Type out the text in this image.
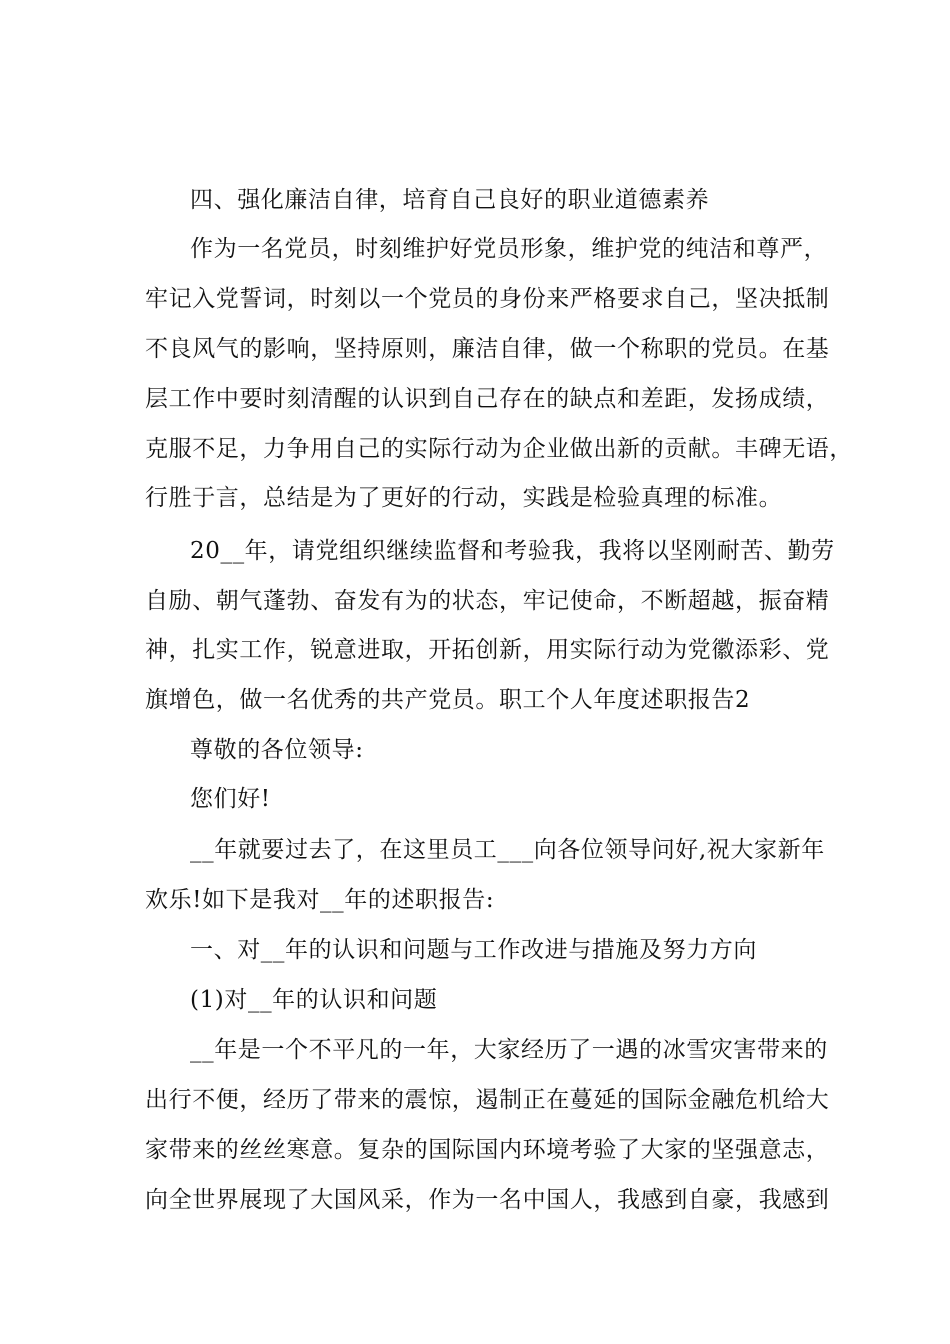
四、强化廉洁自律，培育自己良好的职业道德素养
作为一名党员，时刻维护好党员形象，维护党的纯洁和尊严，
牢记入党誓词，时刻以一个党员的身份来严格要求自己，坚决抵制
不良风气的影响，坚持原则，廉洁自律，做一个称职的党员。在基
层工作中要时刻清醒的认识到自己存在的缺点和差距，发扬成绩，
克服不足，力争用自己的实际行动为企业做出新的贡献。丰碑无语，
行胜于言，总结是为了更好的行动，实践是检验真理的标准。
20__年，请党组织继续监督和考验我，我将以坚刚耐苦、勤劳
自励、朝气蓬勃、奋发有为的状态，牢记使命，不断超越，振奋精
神，扎实工作，锐意进取，开拓创新，用实际行动为党徽添彩、党
旗增色，做一名优秀的共产党员。职工个人年度述职报告2
尊敬的各位领导:
您们好!
__年就要过去了，在这里员工___向各位领导问好,祝大家新年
欢乐!如下是我对__年的述职报告:
一、对__年的认识和问题与工作改进与措施及努力方向
(1)对__年的认识和问题
__年是一个不平凡的一年，大家经历了一遇的冰雪灾害带来的
出行不便，经历了带来的震惊，遏制正在蔓延的国际金融危机给大
家带来的丝丝寒意。复杂的国际国内环境考验了大家的坚强意志，
向全世界展现了大国风采，作为一名中国人，我感到自豪，我感到
